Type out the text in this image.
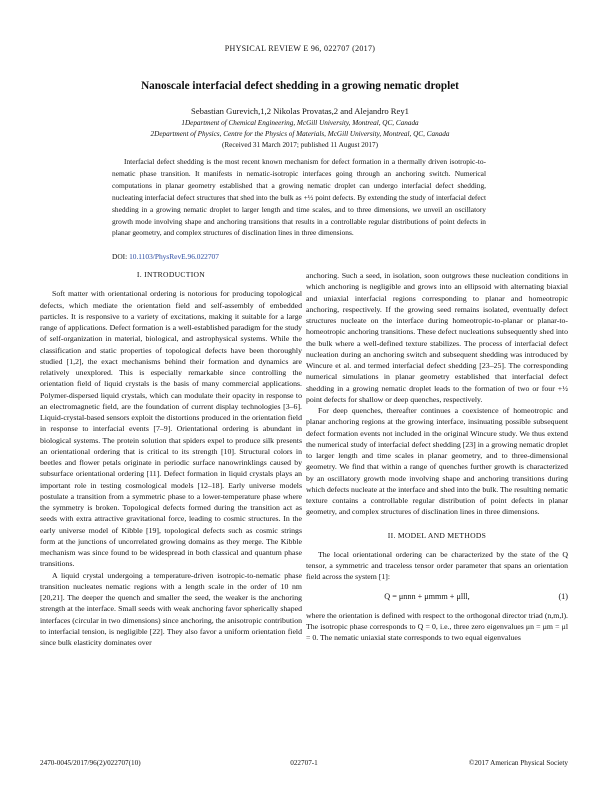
PHYSICAL REVIEW E 96, 022707 (2017)
Nanoscale interfacial defect shedding in a growing nematic droplet
Sebastian Gurevich,1,2 Nikolas Provatas,2 and Alejandro Rey1
1Department of Chemical Engineering, McGill University, Montreal, QC, Canada
2Department of Physics, Centre for the Physics of Materials, McGill University, Montreal, QC, Canada
(Received 31 March 2017; published 11 August 2017)
Interfacial defect shedding is the most recent known mechanism for defect formation in a thermally driven isotropic-to-nematic phase transition. It manifests in nematic-isotropic interfaces going through an anchoring switch. Numerical computations in planar geometry established that a growing nematic droplet can undergo interfacial defect shedding, nucleating interfacial defect structures that shed into the bulk as +½ point defects. By extending the study of interfacial defect shedding in a growing nematic droplet to larger length and time scales, and to three dimensions, we unveil an oscillatory growth mode involving shape and anchoring transitions that results in a controllable regular distributions of point defects in planar geometry, and complex structures of disclination lines in three dimensions.
DOI: 10.1103/PhysRevE.96.022707
I. INTRODUCTION

Soft matter with orientational ordering is notorious for producing topological defects, which mediate the orientation field and self-assembly of embedded particles. It is responsive to a variety of excitations, making it suitable for a large range of applications. Defect formation is a well-established paradigm for the study of self-organization in material, biological, and astrophysical systems. While the classification and static properties of topological defects have been thoroughly studied [1,2], the exact mechanisms behind their formation and dynamics are relatively unexplored. This is especially remarkable since controlling the orientation field of liquid crystals is the basis of many commercial applications. Polymer-dispersed liquid crystals, which can modulate their opacity in response to an electromagnetic field, are the foundation of current display technologies [3–6]. Liquid-crystal-based sensors exploit the distortions produced in the orientation field in response to interfacial events [7–9]. Orientational ordering is abundant in biological systems. The protein solution that spiders expel to produce silk presents an orientational ordering that is critical to its strength [10]. Structural colors in beetles and flower petals originate in periodic surface nanowrinklings caused by subsurface orientational ordering [11]. Defect formation in liquid crystals plays an important role in testing cosmological models [12–18]. Early universe models postulate a transition from a symmetric phase to a lower-temperature phase where the symmetry is broken. Topological defects formed during the transition act as seeds with extra attractive gravitational force, leading to cosmic structures. In the early universe model of Kibble [19], topological defects such as cosmic strings form at the junctions of uncorrelated growing domains as they merge. The Kibble mechanism was since found to be widespread in both classical and quantum phase transitions.

A liquid crystal undergoing a temperature-driven isotropic-to-nematic phase transition nucleates nematic regions with a length scale in the order of 10 nm [20,21]. The deeper the quench and smaller the seed, the weaker is the anchoring strength at the interface. Small seeds with weak anchoring favor spherically shaped interfaces (circular in two dimensions) since anchoring, the anisotropic contribution to interfacial tension, is negligible [22]. They also favor a uniform orientation field since bulk elasticity dominates over

anchoring. Such a seed, in isolation, soon outgrows these nucleation conditions in which anchoring is negligible and grows into an ellipsoid with alternating biaxial and uniaxial interfacial regions corresponding to planar and homeotropic anchoring, respectively. If the growing seed remains isolated, eventually defect structures nucleate on the interface during homeotropic-to-planar or planar-to-homeotropic anchoring transitions. These defect nucleations subsequently shed into the bulk where a well-defined texture stabilizes. The process of interfacial defect nucleation during an anchoring switch and subsequent shedding was introduced by Wincure et al. and termed interfacial defect shedding [23–25]. The corresponding numerical simulations in planar geometry established that interfacial defect shedding in a growing nematic droplet leads to the formation of two or four +½ point defects for shallow or deep quenches, respectively.

For deep quenches, thereafter continues a coexistence of homeotropic and planar anchoring regions at the growing interface, insinuating possible subsequent defect formation events not included in the original Wincure study. We thus extend the numerical study of interfacial defect shedding [23] in a growing nematic droplet to larger length and time scales in planar geometry, and to three-dimensional geometry. We find that within a range of quenches further growth is characterized by an oscillatory growth mode involving shape and anchoring transitions during which defects nucleate at the interface and shed into the bulk. The resulting nematic texture contains a controllable regular distribution of point defects in planar geometry, and complex structures of disclination lines in three dimensions.

II. MODEL AND METHODS

The local orientational ordering can be characterized by the state of the Q tensor, a symmetric and traceless tensor order parameter that spans an orientation field across the system [1]:

Q = μnnn + μmmm + μlll,	(1)

where the orientation is defined with respect to the orthogonal director triad (n,m,l). The isotropic phase corresponds to Q = 0, i.e., three zero eigenvalues μn = μm = μl = 0. The nematic uniaxial state corresponds to two equal eigenvalues

2470-0045/2017/96(2)/022707(10)	022707-1	©2017 American Physical Society
